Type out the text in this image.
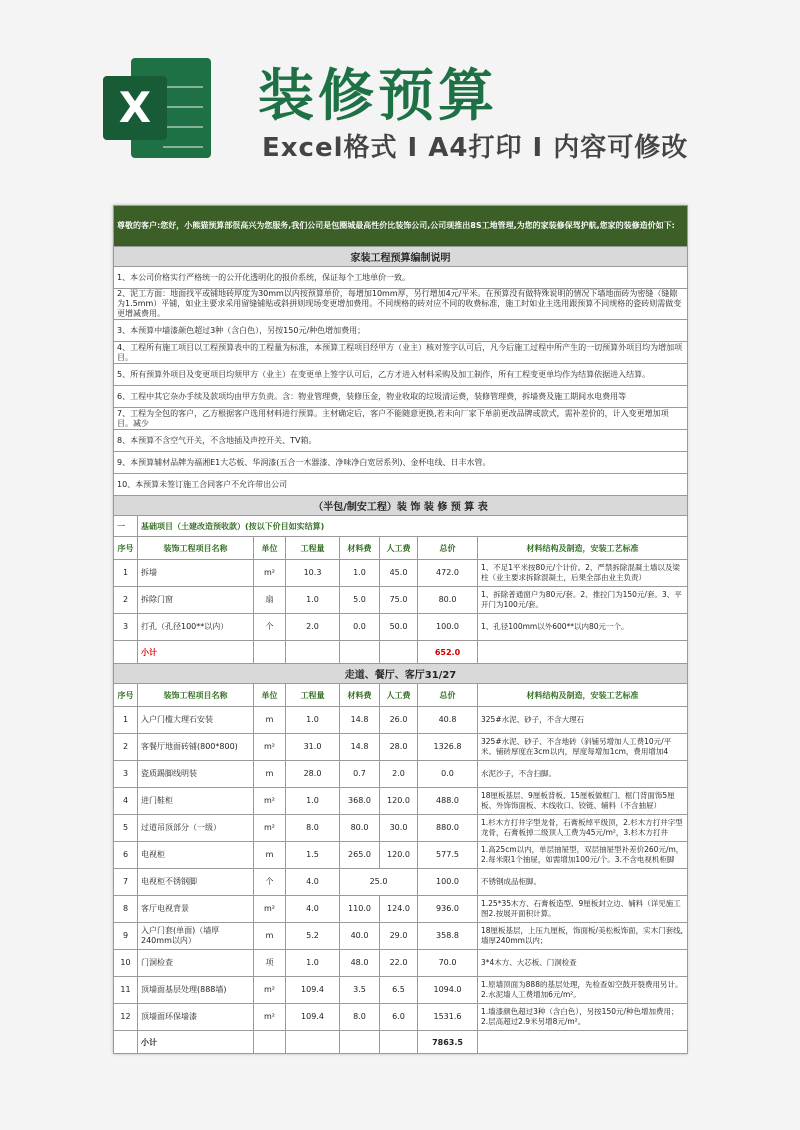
X 装修预算
Excel格式 I A4打印 I 内容可修改
尊敬的客户:您好，小熊猫预算部很高兴为您服务,我们公司是包圈城最高性价比装饰公司,公司现推出8S工地管理,为您的家装修保驾护航,您家的装修造价如下:							
家装工程预算编制说明							
1、本公司价格实行严格统一的公开化透明化的报价系统，保证每个工地单价一致。							
2、泥工方面：地面找平或铺地砖厚度为30mm以内按预算单价，每增加10mm厚，另行增加4元/平米。在预算没有做特殊说明的情况下墙地面砖为密缝（缝隙为1.5mm）平铺，如业主要求采用留缝铺贴或斜拼则现场变更增加费用。不同规格的砖对应不同的收费标准，施工时如业主选用跟预算不同规格的瓷砖则需做变更增减费用。							
3、本预算中墙漆颜色超过3种（含白色），另按150元/种色增加费用；							
4、工程所有施工项目以工程预算表中的工程量为标准，本预算工程项目经甲方（业主）核对签字认可后，凡今后施工过程中所产生的一切预算外项目均为增加项目。							
5、所有预算外项目及变更项目均须甲方（业主）在变更单上签字认可后，乙方才进入材料采购及加工制作，所有工程变更单均作为结算依据进入结算。							
6、工程中其它杂办手续及款项均由甲方负责。含：物业管理费，装修压金，物业收取的垃圾清运费，装修管理费，拆墙费及施工期间水电费用等							
7、工程为全包的客户，乙方根据客户选用材料进行预算。主材确定后，客户不能随意更换,若未向厂家下单前更改品牌或款式，需补差价的，计入变更增加项目。减少							
8、本预算不含空气开关，不含地插及声控开关、TV箱。							
9、本预算辅材品牌为福湘E1大芯板、华润漆(五合一木器漆、净味净白宽居系列)、金杯电线、日丰水管。							
10、本预算未签订施工合同客户不允许带出公司							
（半包/制安工程）装 饰 装 修 预 算 表							
一	基础项目（土建改造预收款）(按以下价目如实结算)						
序号	装饰工程项目名称	单位	工程量	材料费	人工费	总价	材料结构及制造，安装工艺标准
1	拆墙	m²	10.3	1.0	45.0	472.0	1、不足1平米按80元/个计价。2、严禁拆除混凝土墙以及梁柱（业主要求拆除混凝土，后果全部由业主负责）
2	拆除门窗	扇	1.0	5.0	75.0	80.0	1、拆除普通窗户为80元/套。2、推拉门为150元/套。3、平开门为100元/套。
3	打孔（孔径100**以内）	个	2.0	0.0	50.0	100.0	1、孔径100mm以外600**以内80元一个。
	小计					652.0	
走道、餐厅、客厅31/27							
序号	装饰工程项目名称	单位	工程量	材料费	人工费	总价	材料结构及制造，安装工艺标准
1	入户门槛大理石安装	m	1.0	14.8	26.0	40.8	325#水泥、砂子，不含大理石
2	客餐厅地面砖铺(800*800)	m²	31.0	14.8	28.0	1326.8	325#水泥、砂子、不含地砖（斜铺另增加人工费10元/平米。铺砖厚度在3cm以内，厚度每增加1cm，费用增加4
3	瓷质踢脚线明装	m	28.0	0.7	2.0	0.0	水泥沙子，不含扫脚。
4	进门鞋柜	m²	1.0	368.0	120.0	488.0	18厘板基层、9厘板背板、15厘板做框门、框门背面饰5厘板、外饰饰面板、木线收口、铰链、辅料（不含抽屉）
5	过道吊顶部分（一级）	m²	8.0	80.0	30.0	880.0	1.杉木方打井字型龙骨，石膏板绰平级顶，2.杉木方打井字型龙骨，石膏板掉二级顶人工费为45元/m²，3.杉木方打井
6	电视柜	m	1.5	265.0	120.0	577.5	1.高25cm以内，单层抽屉型，双层抽屉型补差价260元/m，2.每米限1个抽屉，如需增加100元/个。3.不含电视机柜脚
7	电视柜不锈钢脚	个	4.0	25.0		100.0	不锈钢成品柜脚。
8	客厅电视背景	m²	4.0	110.0	124.0	936.0	1.25*35木方、石膏板造型、9厘板封立边、辅料（详见施工图2.按展开面积计算。
9	入户门套(单面)（墙厚240mm以内）	m	5.2	40.0	29.0	358.8	18厘板基层，上压九厘板，饰面板/美松板饰面，实木门套线,墙厚240mm以内；
10	门洞检查	项	1.0	48.0	22.0	70.0	3*4木方、大芯板、门洞检查
11	顶墙面基层处理(888墙)	m²	109.4	3.5	6.5	1094.0	1.原墙顶面为888的基层处理，先检查如空鼓开裂费用另计。2.水泥墙人工费增加6元/m²。
12	顶墙面环保墙漆	m²	109.4	8.0	6.0	1531.6	1.墙漆颜色超过3种（含白色），另按150元/种色增加费用；2.层高超过2.9米另增8元/m²。
	小计					7863.5	
